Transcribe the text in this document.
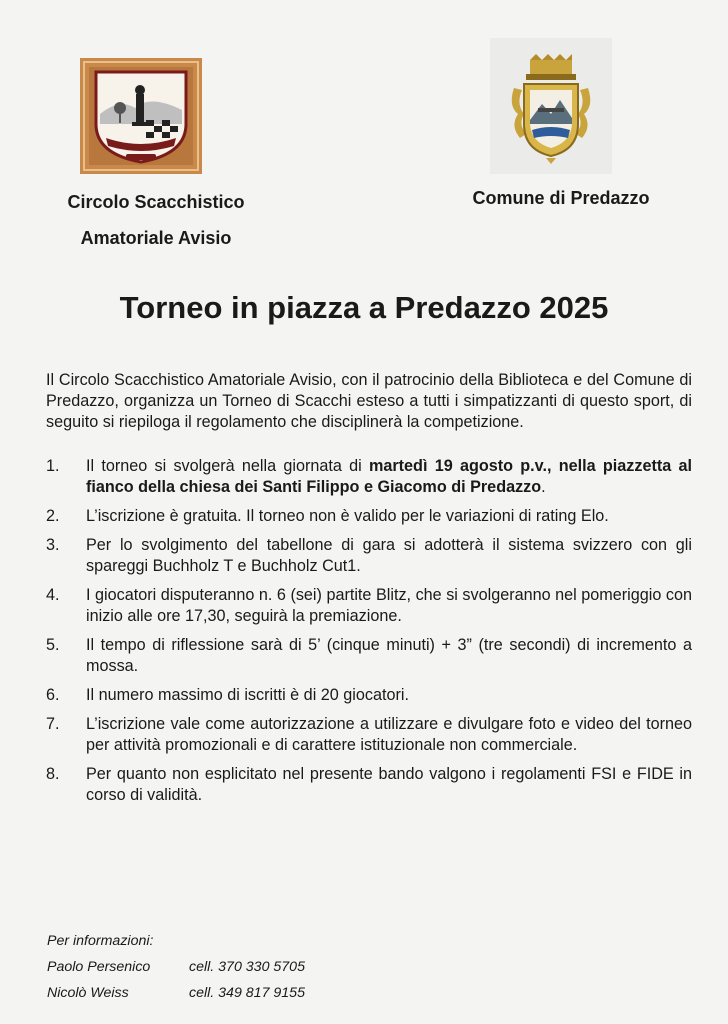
Circolo Scacchistico
Amatoriale Avisio
Comune di Predazzo
Torneo in piazza a Predazzo 2025
Il Circolo Scacchistico Amatoriale Avisio, con il patrocinio della Biblioteca e del Comune di Predazzo, organizza un Torneo di Scacchi esteso a tutti i simpatizzanti di questo sport, di seguito si riepiloga il regolamento che disciplinerà la competizione.
1.	Il torneo si svolgerà nella giornata di martedì 19 agosto p.v., nella piazzetta al fianco della chiesa dei Santi Filippo e Giacomo di Predazzo.
2.	L’iscrizione è gratuita. Il torneo non è valido per le variazioni di rating Elo.
3.	Per lo svolgimento del tabellone di gara si adotterà il sistema svizzero con gli spareggi Buchholz T e Buchholz Cut1.
4.	I giocatori disputeranno n. 6 (sei) partite Blitz, che si svolgeranno nel pomeriggio con inizio alle ore 17,30, seguirà la premiazione.
5.	Il tempo di riflessione sarà di 5’ (cinque minuti) + 3” (tre secondi) di incremento a mossa.
6.	Il numero massimo di iscritti è di 20 giocatori.
7.	L’iscrizione vale come autorizzazione a utilizzare e divulgare foto e video del torneo per attività promozionali e di carattere istituzionale non commerciale.
8.	Per quanto non esplicitato nel presente bando valgono i regolamenti FSI e FIDE in corso di validità.
Per informazioni:
Paolo Persenico	cell. 370 330 5705
Nicolò Weiss	cell. 349 817 9155
